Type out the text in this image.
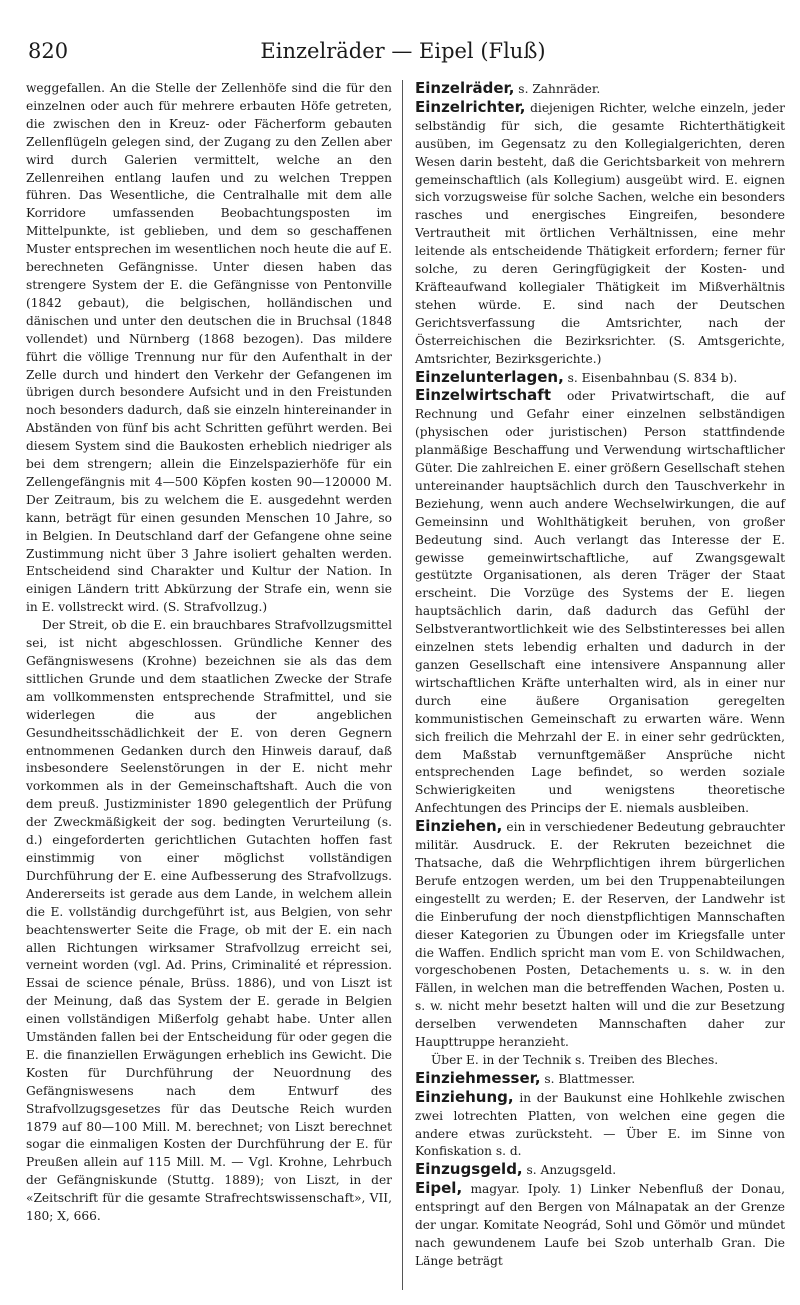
820	Einzelräder — Eipel (Fluß)

weggefallen. An die Stelle der Zellenhöfe sind die für den einzelnen oder auch für mehrere erbauten Höfe getreten, die zwischen den in Kreuz- oder Fächerform gebauten Zellenflügeln gelegen sind, der Zugang zu den Zellen aber wird durch Galerien vermittelt, welche an den Zellenreihen entlang laufen und zu welchen Treppen führen. Das Wesentliche, die Centralhalle mit dem alle Korridore umfassenden Beobachtungsposten im Mittelpunkte, ist geblieben, und dem so geschaffenen Muster entsprechen im wesentlichen noch heute die auf E. berechneten Gefängnisse. Unter diesen haben das strengere System der E. die Gefängnisse von Pentonville (1842 gebaut), die belgischen, holländischen und dänischen und unter den deutschen die in Bruchsal (1848 vollendet) und Nürnberg (1868 bezogen). Das mildere führt die völlige Trennung nur für den Aufenthalt in der Zelle durch und hindert den Verkehr der Gefangenen im übrigen durch besondere Aufsicht und in den Freistunden noch besonders dadurch, daß sie einzeln hintereinander in Abständen von fünf bis acht Schritten geführt werden. Bei diesem System sind die Baukosten erheblich niedriger als bei dem strengern; allein die Einzelspazierhöfe für ein Zellengefängnis mit 4—500 Köpfen kosten 90—120000 M. Der Zeitraum, bis zu welchem die E. ausgedehnt werden kann, beträgt für einen gesunden Menschen 10 Jahre, so in Belgien. In Deutschland darf der Gefangene ohne seine Zustimmung nicht über 3 Jahre isoliert gehalten werden. Entscheidend sind Charakter und Kultur der Nation. In einigen Ländern tritt Abkürzung der Strafe ein, wenn sie in E. vollstreckt wird. (S. Strafvollzug.)

Der Streit, ob die E. ein brauchbares Strafvollzugsmittel sei, ist nicht abgeschlossen. Gründliche Kenner des Gefängniswesens (Krohne) bezeichnen sie als das dem sittlichen Grunde und dem staatlichen Zwecke der Strafe am vollkommensten entsprechende Strafmittel, und sie widerlegen die aus der angeblichen Gesundheitsschädlichkeit der E. von deren Gegnern entnommenen Gedanken durch den Hinweis darauf, daß insbesondere Seelenstörungen in der E. nicht mehr vorkommen als in der Gemeinschaftshaft. Auch die von dem preuß. Justizminister 1890 gelegentlich der Prüfung der Zweckmäßigkeit der sog. bedingten Verurteilung (s. d.) eingeforderten gerichtlichen Gutachten hoffen fast einstimmig von einer möglichst vollständigen Durchführung der E. eine Aufbesserung des Strafvollzugs. Andererseits ist gerade aus dem Lande, in welchem allein die E. vollständig durchgeführt ist, aus Belgien, von sehr beachtenswerter Seite die Frage, ob mit der E. ein nach allen Richtungen wirksamer Strafvollzug erreicht sei, verneint worden (vgl. Ad. Prins, Criminalité et répression. Essai de science pénale, Brüss. 1886), und von Liszt ist der Meinung, daß das System der E. gerade in Belgien einen vollständigen Mißerfolg gehabt habe. Unter allen Umständen fallen bei der Entscheidung für oder gegen die E. die finanziellen Erwägungen erheblich ins Gewicht. Die Kosten für Durchführung der Neuordnung des Gefängniswesens nach dem Entwurf des Strafvollzugsgesetzes für das Deutsche Reich wurden 1879 auf 80—100 Mill. M. berechnet; von Liszt berechnet sogar die einmaligen Kosten der Durchführung der E. für Preußen allein auf 115 Mill. M. — Vgl. Krohne, Lehrbuch der Gefängniskunde (Stuttg. 1889); von Liszt, in der «Zeitschrift für die gesamte Strafrechtswissenschaft», VII, 180; X, 666.

Einzelräder, s. Zahnräder.

Einzelrichter, diejenigen Richter, welche einzeln, jeder selbständig für sich, die gesamte Richterthätigkeit ausüben, im Gegensatz zu den Kollegialgerichten, deren Wesen darin besteht, daß die Gerichtsbarkeit von mehrern gemeinschaftlich (als Kollegium) ausgeübt wird. E. eignen sich vorzugsweise für solche Sachen, welche ein besonders rasches und energisches Eingreifen, besondere Vertrautheit mit örtlichen Verhältnissen, eine mehr leitende als entscheidende Thätigkeit erfordern; ferner für solche, zu deren Geringfügigkeit der Kosten- und Kräfteaufwand kollegialer Thätigkeit im Mißverhältnis stehen würde. E. sind nach der Deutschen Gerichtsverfassung die Amtsrichter, nach der Österreichischen die Bezirksrichter. (S. Amtsgerichte, Amtsrichter, Bezirksgerichte.)

Einzelunterlagen, s. Eisenbahnbau (S. 834 b).

Einzelwirtschaft oder Privatwirtschaft, die auf Rechnung und Gefahr einer einzelnen selbständigen (physischen oder juristischen) Person stattfindende planmäßige Beschaffung und Verwendung wirtschaftlicher Güter. Die zahlreichen E. einer größern Gesellschaft stehen untereinander hauptsächlich durch den Tauschverkehr in Beziehung, wenn auch andere Wechselwirkungen, die auf Gemeinsinn und Wohlthätigkeit beruhen, von großer Bedeutung sind. Auch verlangt das Interesse der E. gewisse gemeinwirtschaftliche, auf Zwangsgewalt gestützte Organisationen, als deren Träger der Staat erscheint. Die Vorzüge des Systems der E. liegen hauptsächlich darin, daß dadurch das Gefühl der Selbstverantwortlichkeit wie des Selbstinteresses bei allen einzelnen stets lebendig erhalten und dadurch in der ganzen Gesellschaft eine intensivere Anspannung aller wirtschaftlichen Kräfte unterhalten wird, als in einer nur durch eine äußere Organisation geregelten kommunistischen Gemeinschaft zu erwarten wäre. Wenn sich freilich die Mehrzahl der E. in einer sehr gedrückten, dem Maßstab vernunftgemäßer Ansprüche nicht entsprechenden Lage befindet, so werden soziale Schwierigkeiten und wenigstens theoretische Anfechtungen des Princips der E. niemals ausbleiben.

Einziehen, ein in verschiedener Bedeutung gebrauchter militär. Ausdruck. E. der Rekruten bezeichnet die Thatsache, daß die Wehrpflichtigen ihrem bürgerlichen Berufe entzogen werden, um bei den Truppenabteilungen eingestellt zu werden; E. der Reserven, der Landwehr ist die Einberufung der noch dienstpflichtigen Mannschaften dieser Kategorien zu Übungen oder im Kriegsfalle unter die Waffen. Endlich spricht man vom E. von Schildwachen, vorgeschobenen Posten, Detachements u. s. w. in den Fällen, in welchen man die betreffenden Wachen, Posten u. s. w. nicht mehr besetzt halten will und die zur Besetzung derselben verwendeten Mannschaften daher zur Haupttruppe heranzieht.

Über E. in der Technik s. Treiben des Bleches.

Einziehmesser, s. Blattmesser.

Einziehung, in der Baukunst eine Hohlkehle zwischen zwei lotrechten Platten, von welchen eine gegen die andere etwas zurücksteht. — Über E. im Sinne von Konfiskation s. d.

Einzugsgeld, s. Anzugsgeld.

Eipel, magyar. Ipoly. 1) Linker Nebenfluß der Donau, entspringt auf den Bergen von Málnapatak an der Grenze der ungar. Komitate Neográd, Sohl und Gömör und mündet nach gewundenem Laufe bei Szob unterhalb Gran. Die Länge beträgt
